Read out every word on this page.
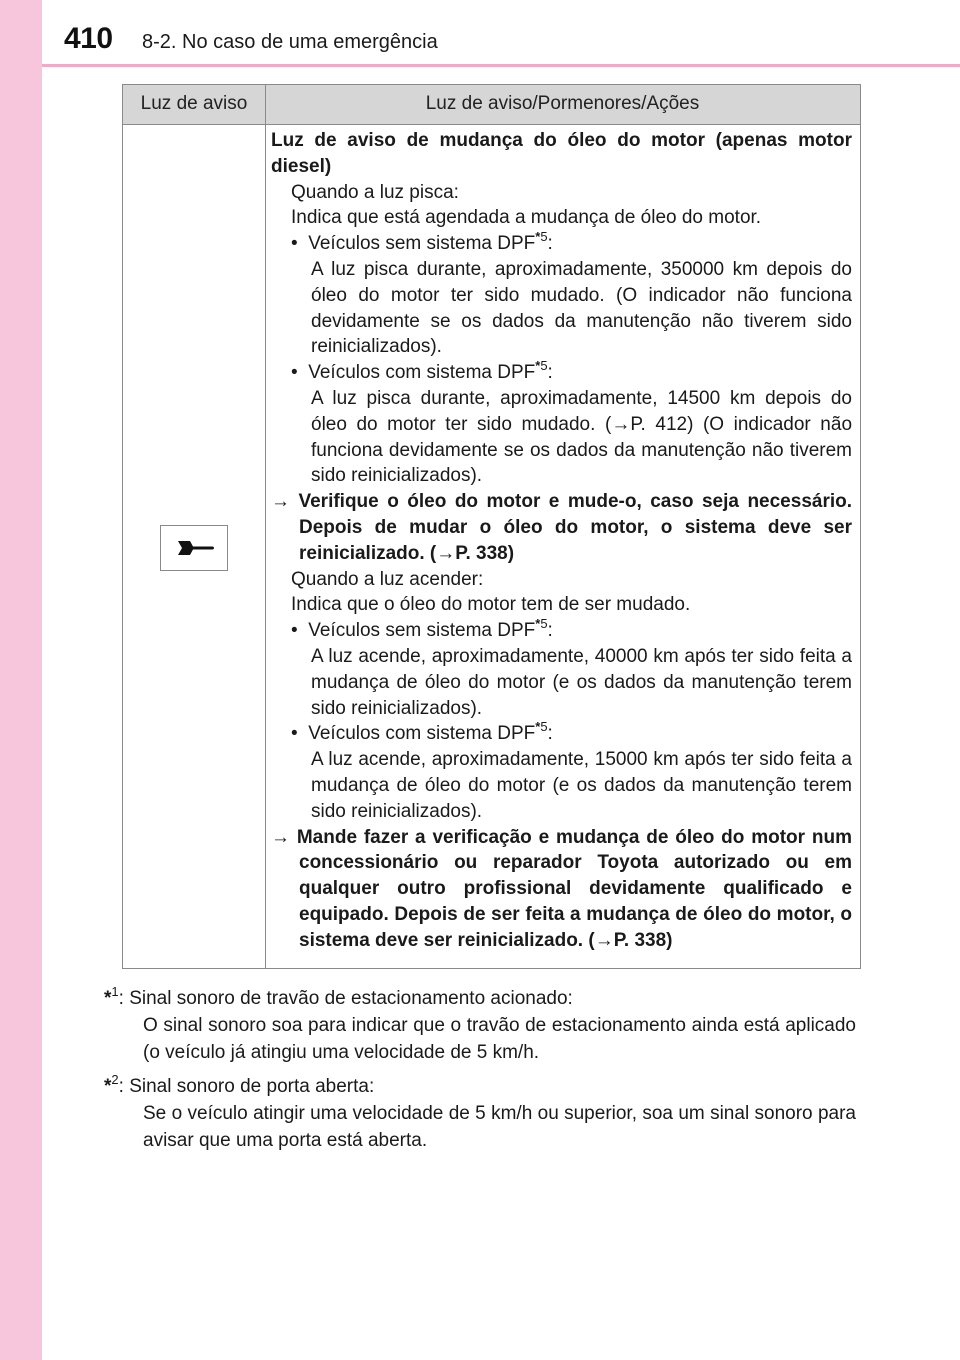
410 8-2. No caso de uma emergência
Luz de aviso	Luz de aviso/Pormenores/Ações

Luz de aviso de mudança do óleo do motor (apenas motor diesel)

Quando a luz pisca:

Indica que está agendada a mudança de óleo do motor.

•  Veículos sem sistema DPF$^{*5}$:

A luz pisca durante, aproximadamente, 350000 km depois do óleo do motor ter sido mudado. (O indicador não funciona devidamente se os dados da manutenção não tiverem sido reinicializados).

•  Veículos com sistema DPF$^{*5}$:

A luz pisca durante, aproximadamente, 14500 km depois do óleo do motor ter sido mudado. (→P. 412) (O indicador não funciona devidamente se os dados da manutenção não tiverem sido reinicializados).

→ Verifique o óleo do motor e mude-o, caso seja necessário. Depois de mudar o óleo do motor, o sistema deve ser reinicializado. (→P. 338)

Quando a luz acender:

Indica que o óleo do motor tem de ser mudado.

•  Veículos sem sistema DPF$^{*5}$:

A luz acende, aproximadamente, 40000 km após ter sido feita a mudança de óleo do motor (e os dados da manutenção terem sido reinicializados).

•  Veículos com sistema DPF$^{*5}$:

A luz acende, aproximadamente, 15000 km após ter sido feita a mudança de óleo do motor (e os dados da manutenção terem sido reinicializados).

→ Mande fazer a verificação e mudança de óleo do motor num concessionário ou reparador Toyota autorizado ou em qualquer outro profissional devidamente qualificado e equipado. Depois de ser feita a mudança de óleo do motor, o sistema deve ser reinicializado. (→P. 338)

*$^1$: Sinal sonoro de travão de estacionamento acionado:

O sinal sonoro soa para indicar que o travão de estacionamento ainda está aplicado (o veículo já atingiu uma velocidade de 5 km/h.

*$^2$: Sinal sonoro de porta aberta:

Se o veículo atingir uma velocidade de 5 km/h ou superior, soa um sinal sonoro para avisar que uma porta está aberta.
